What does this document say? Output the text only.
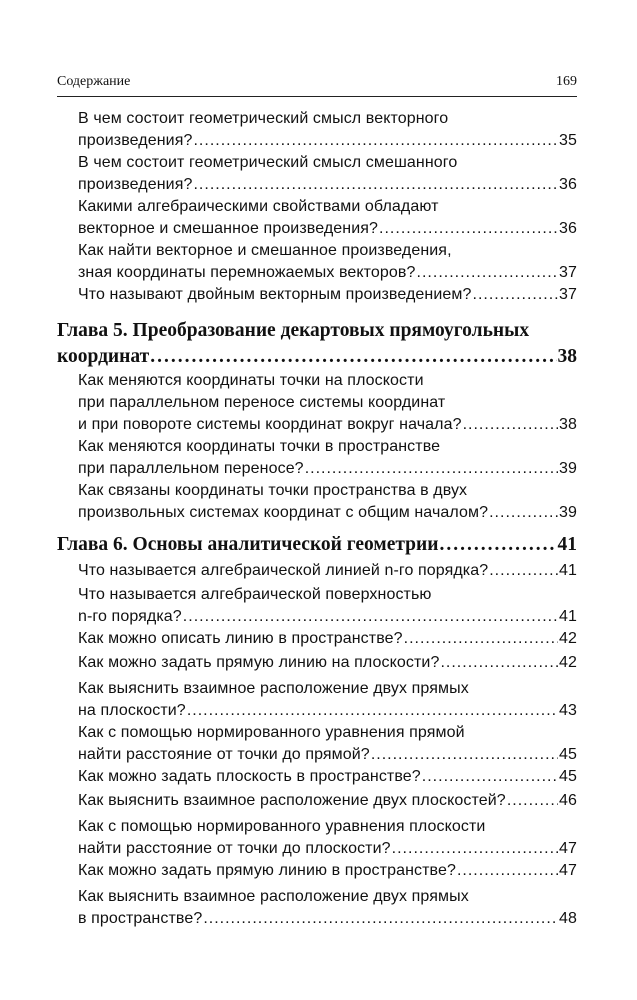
Содержание	169
В чем состоит геометрический смысл векторного
произведения? .....	35
В чем состоит геометрический смысл смешанного
произведения? .....	36
Какими алгебраическими свойствами обладают
векторное и смешанное произведения? .....	36
Как найти векторное и смешанное произведения,
зная координаты перемножаемых векторов? .....	37
Что называют двойным векторным произведением? .....	37
Глава 5. Преобразование декартовых прямоугольных
координат .....	38
Как меняются координаты точки на плоскости
при параллельном переносе системы координат
и при повороте системы координат вокруг начала? .....	38
Как меняются координаты точки в пространстве
при параллельном переносе? .....	39
Как связаны координаты точки пространства в двух
произвольных системах координат с общим началом? .....	39
Глава 6. Основы аналитической геометрии .....	41
Что называется алгебраической линией n-го порядка? .....	41
Что называется алгебраической поверхностью
n-го порядка? .....	41
Как можно описать линию в пространстве? .....	42
Как можно задать прямую линию на плоскости? .....	42
Как выяснить взаимное расположение двух прямых
на плоскости? .....	43
Как с помощью нормированного уравнения прямой
найти расстояние от точки до прямой? .....	45
Как можно задать плоскость в пространстве? .....	45
Как выяснить взаимное расположение двух плоскостей? .....	46
Как с помощью нормированного уравнения плоскости
найти расстояние от точки до плоскости? .....	47
Как можно задать прямую линию в пространстве? .....	47
Как выяснить взаимное расположение двух прямых
в пространстве? .....	48
